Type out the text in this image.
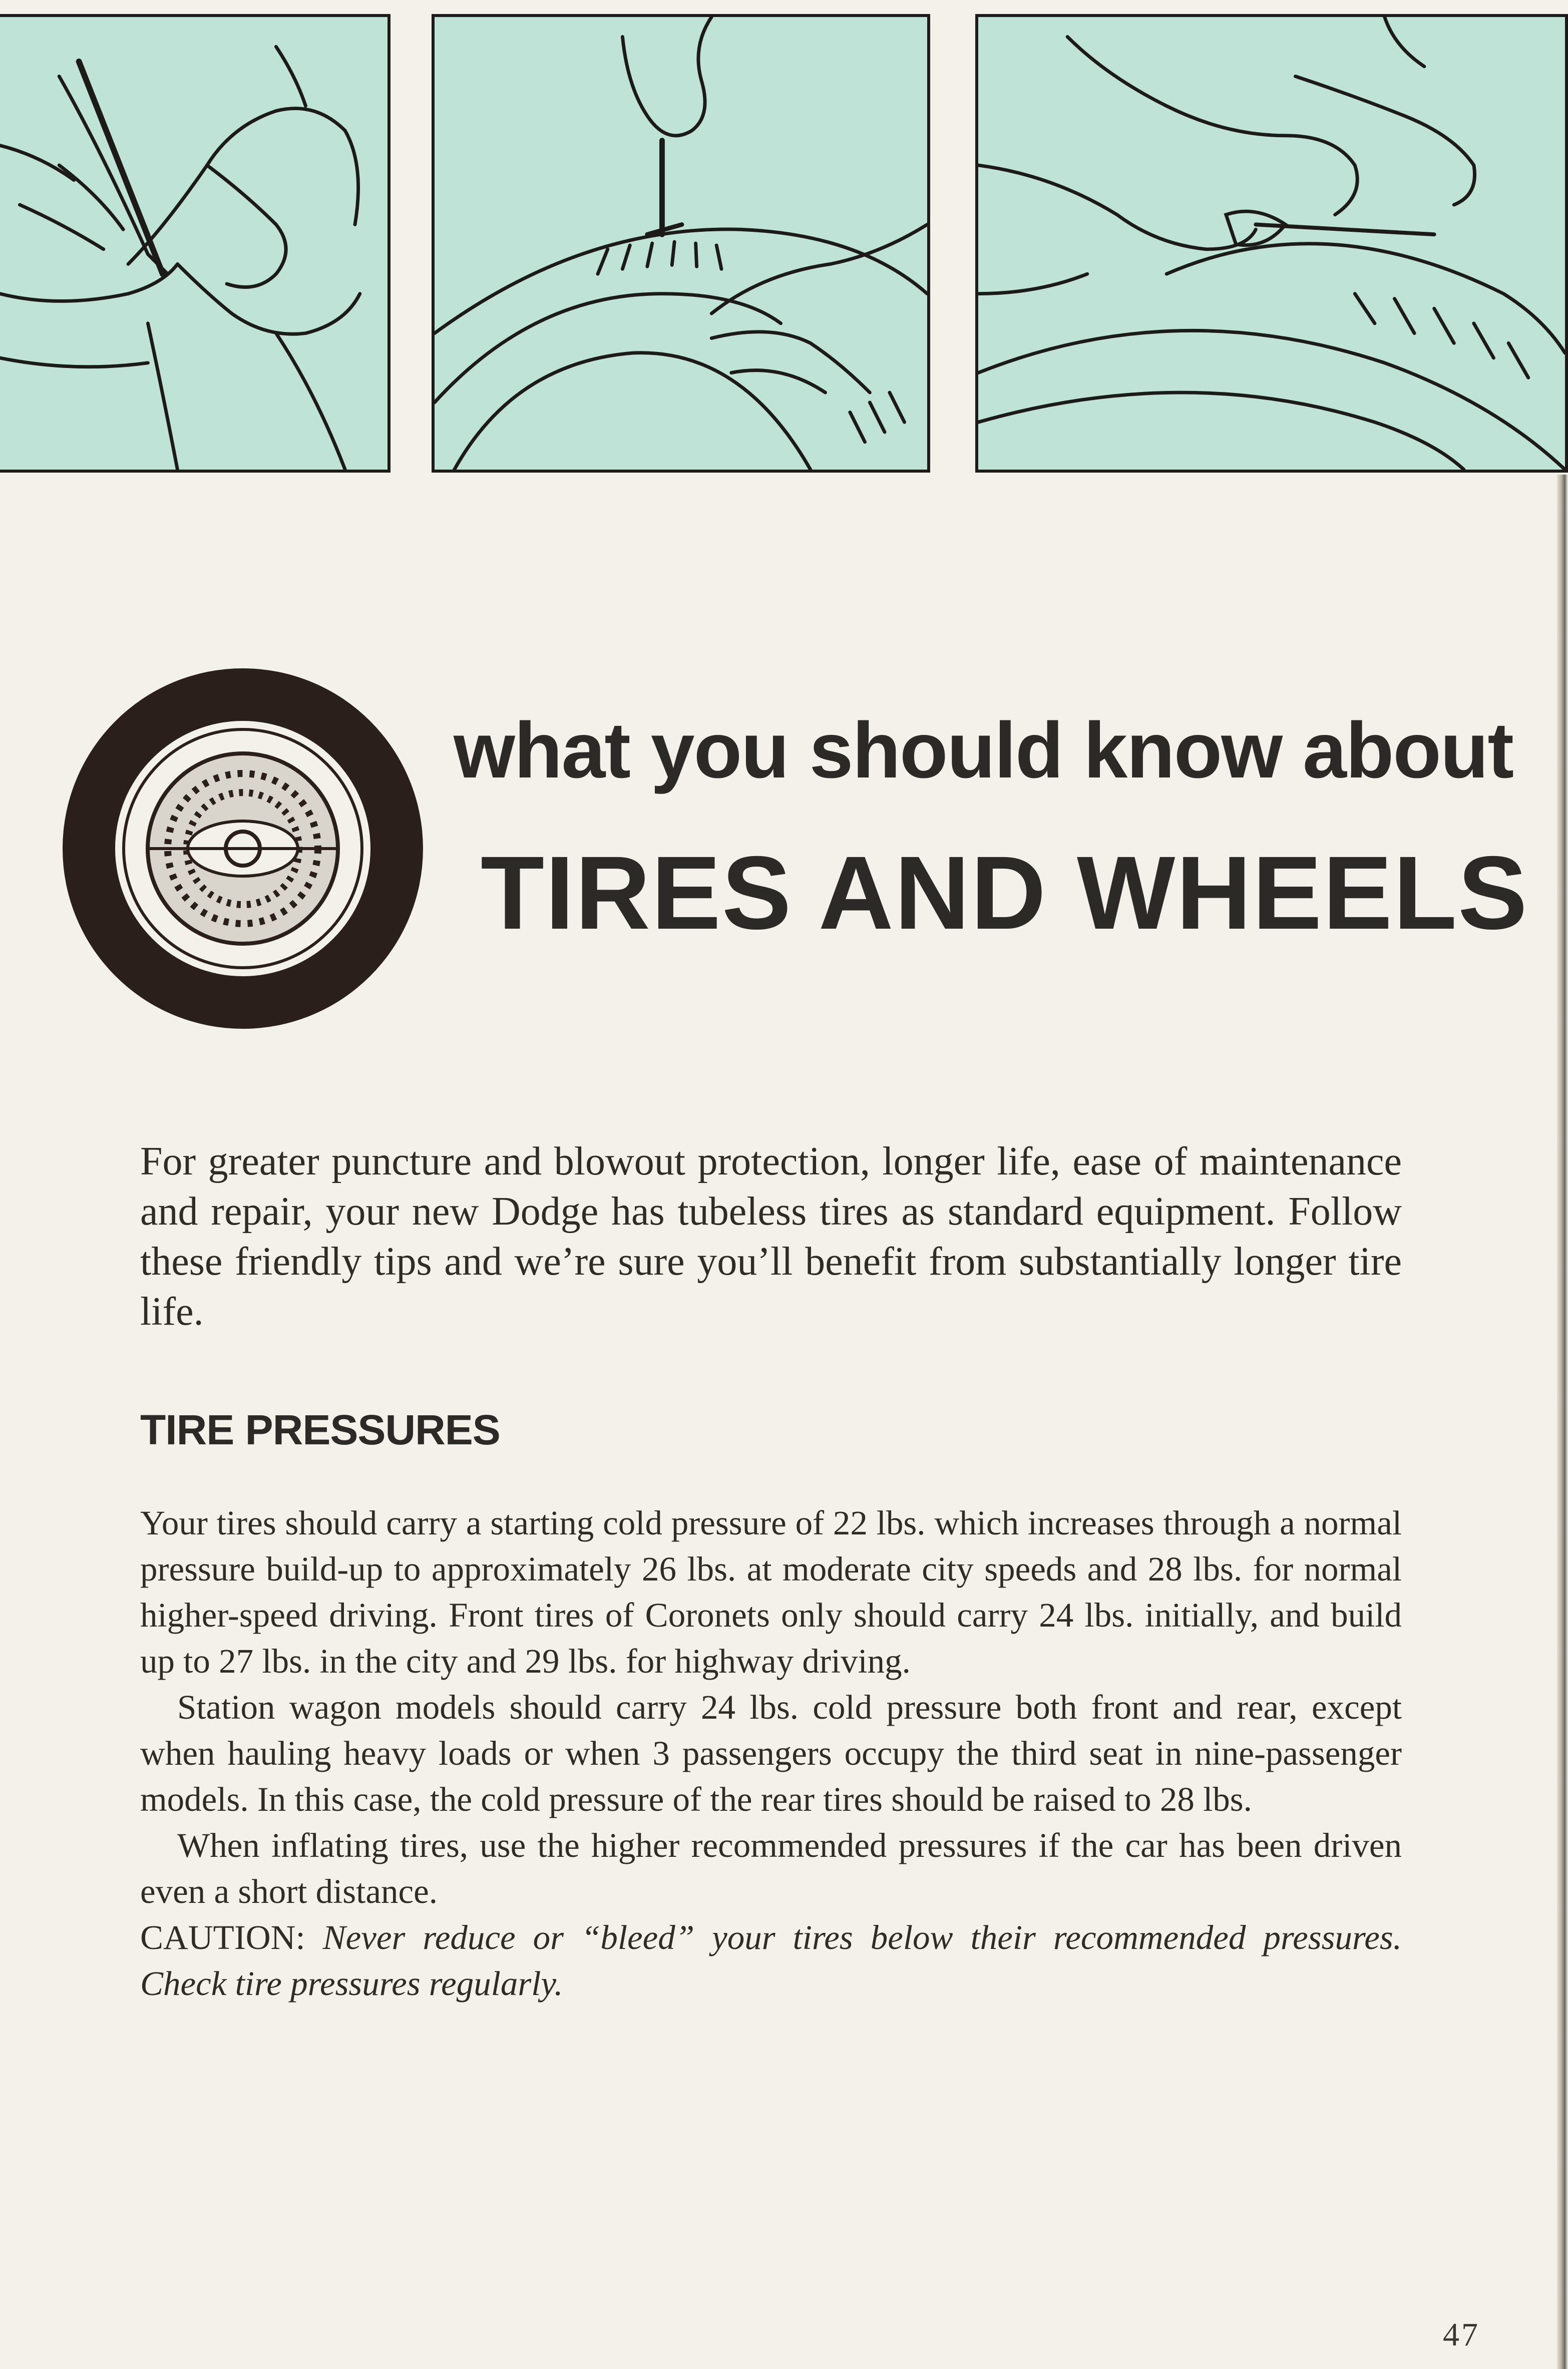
what you should know about
TIRES AND WHEELS
For greater puncture and blowout protection, longer life, ease of maintenance and repair, your new Dodge has tubeless tires as standard equipment. Follow these friendly tips and we’re sure you’ll benefit from substantially longer tire life.
TIRE PRESSURES

Your tires should carry a starting cold pressure of 22 lbs. which increases through a normal pressure build-up to approximately 26 lbs. at moderate city speeds and 28 lbs. for normal higher-speed driving. Front tires of Coronets only should carry 24 lbs. initially, and build up to 27 lbs. in the city and 29 lbs. for highway driving.

Station wagon models should carry 24 lbs. cold pressure both front and rear, except when hauling heavy loads or when 3 passengers occupy the third seat in nine-passenger models. In this case, the cold pressure of the rear tires should be raised to 28 lbs.

When inflating tires, use the higher recommended pressures if the car has been driven even a short distance.

CAUTION: Never reduce or “bleed” your tires below their recommended pressures. Check tire pressures regularly.

47
